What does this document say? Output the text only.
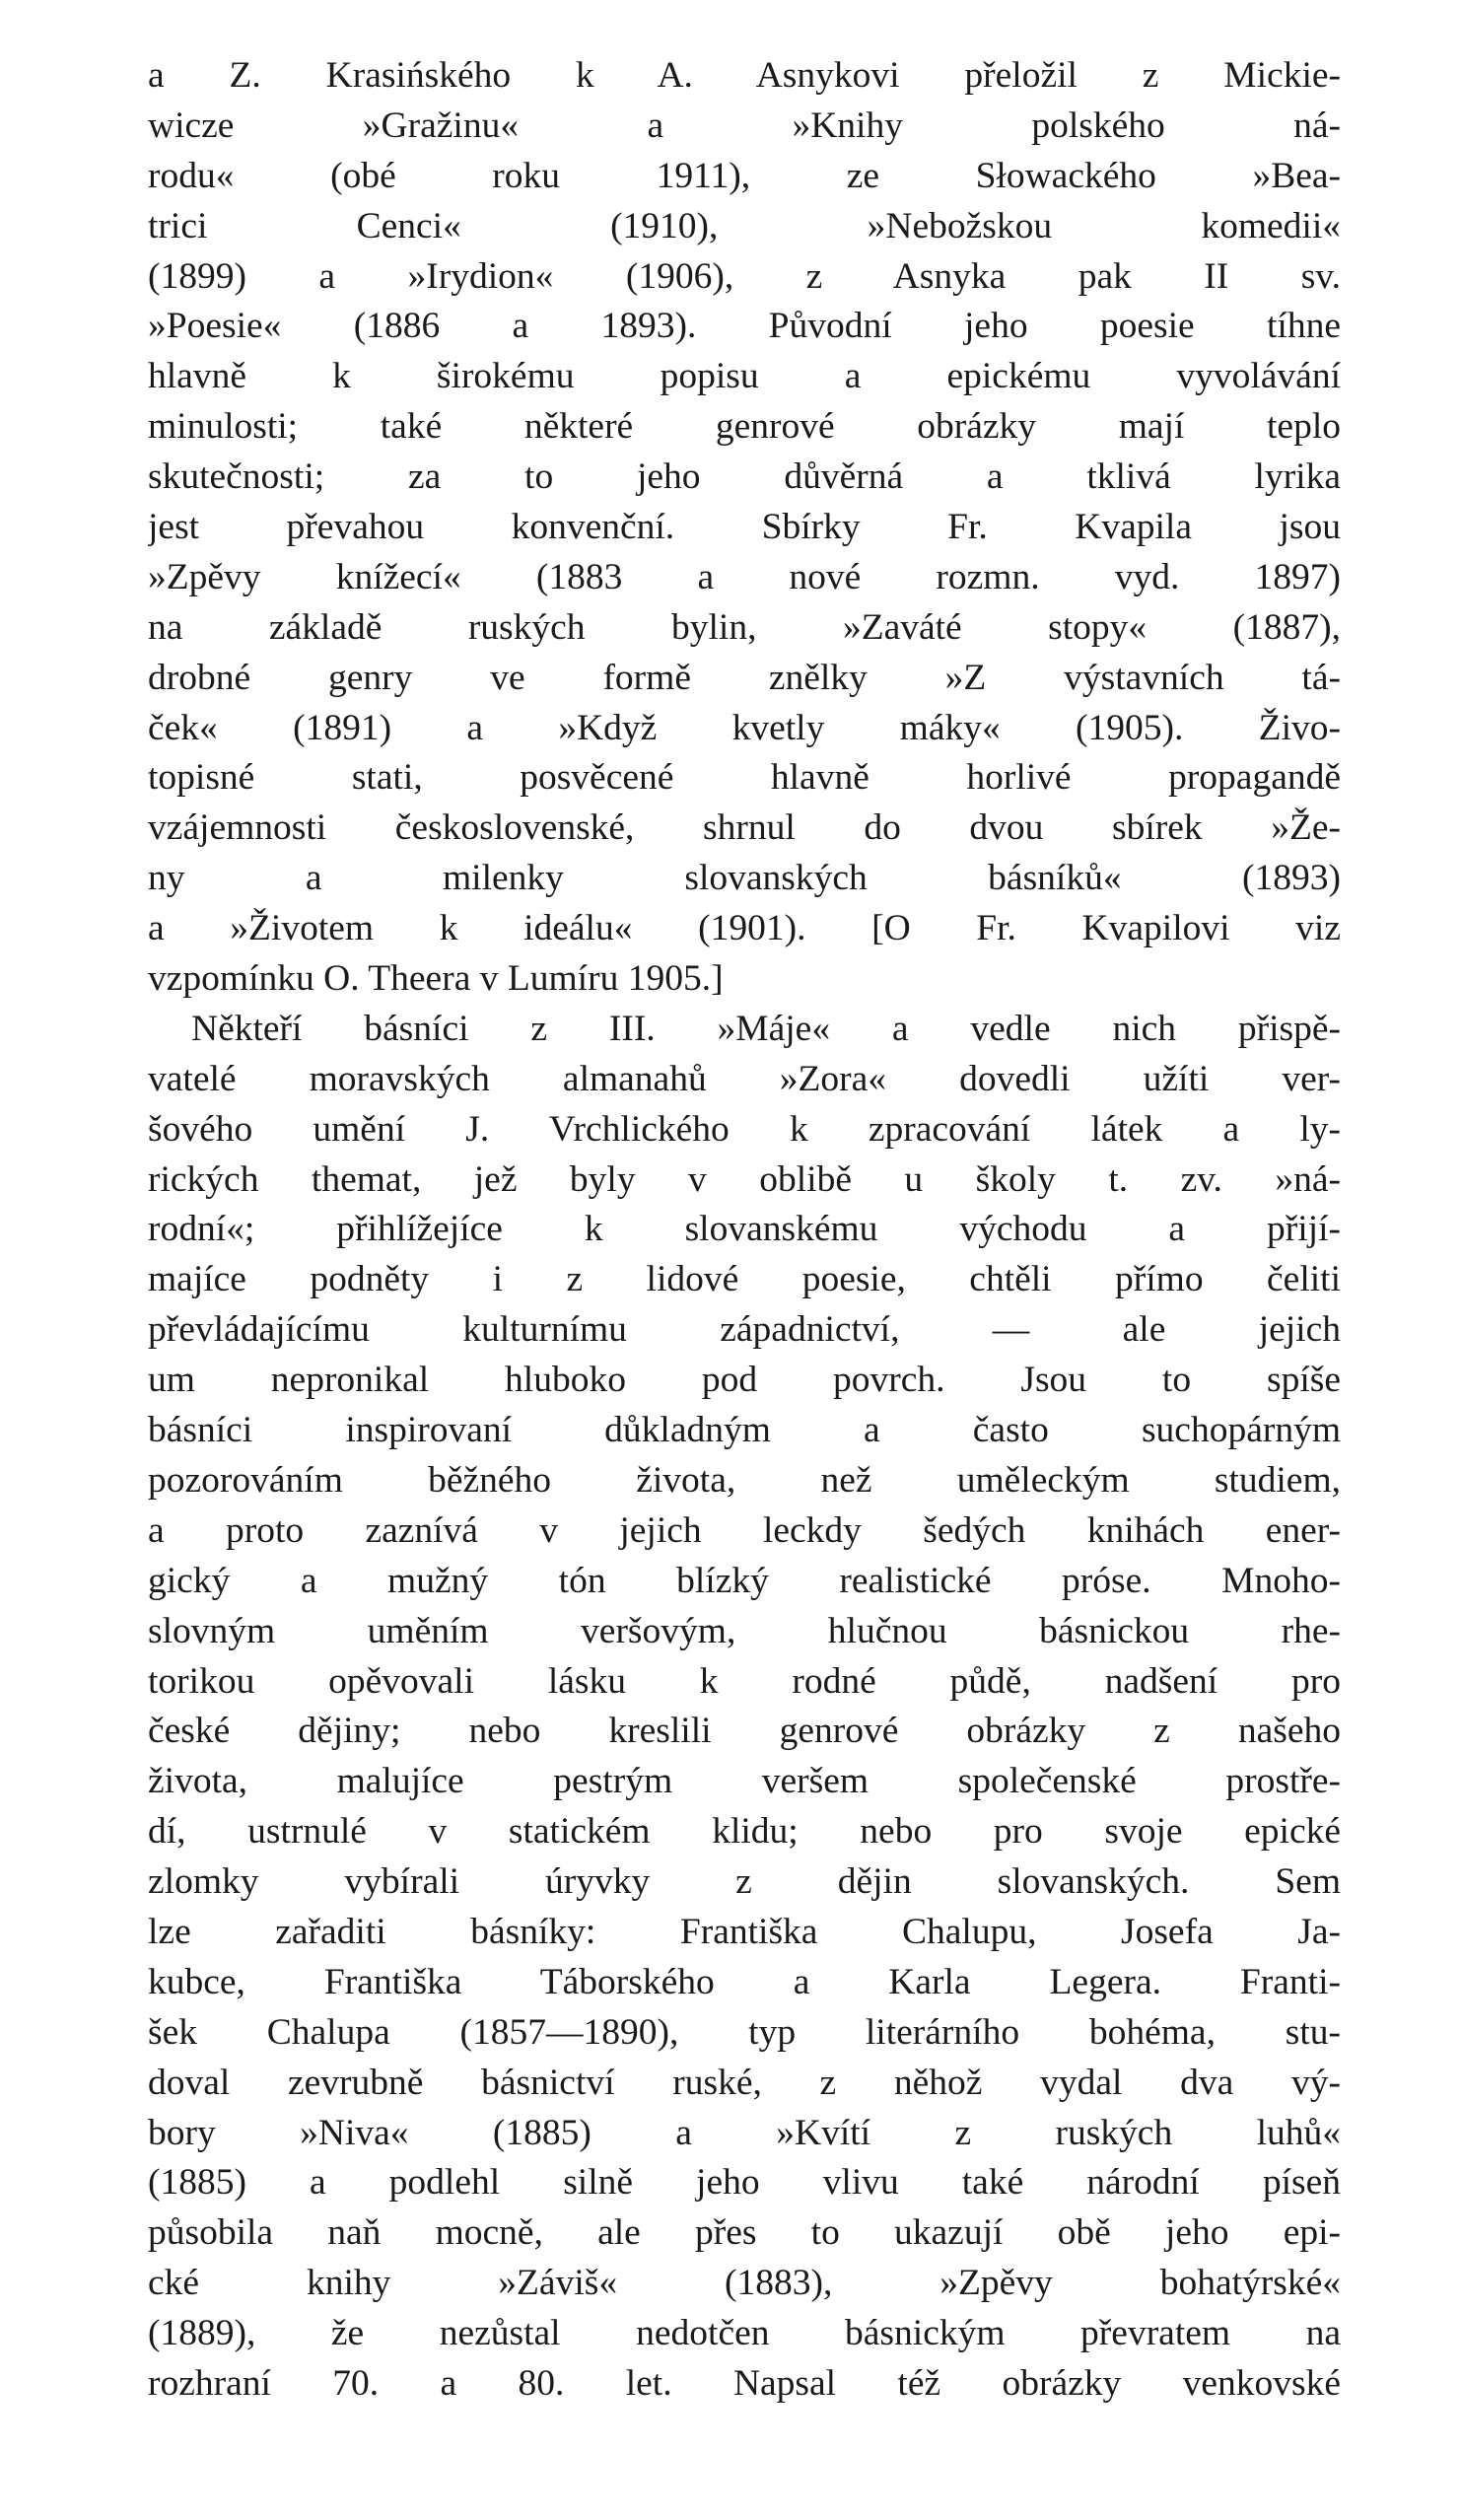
a Z. Krasińského k A. Asnykovi přeložil z Mickie-
wicze »Gražinu« a »Knihy polského ná-
rodu« (obé roku 1911), ze Słowackého »Bea-
trici Cenci« (1910), »Nebožskou komedii«
(1899) a »Irydion« (1906), z Asnyka pak II sv.
»Poesie« (1886 a 1893). Původní jeho poesie tíhne
hlavně k širokému popisu a epickému vyvolávání
minulosti; také některé genrové obrázky mají teplo
skutečnosti; za to jeho důvěrná a tklivá lyrika
jest převahou konvenční. Sbírky Fr. Kvapila jsou
»Zpěvy knížecí« (1883 a nové rozmn. vyd. 1897)
na základě ruských bylin, »Zaváté stopy« (1887),
drobné genry ve formě znělky »Z výstavních tá-
ček« (1891) a »Když kvetly máky« (1905). Živo-
topisné stati, posvěcené hlavně horlivé propagandě
vzájemnosti československé, shrnul do dvou sbírek »Že-
ny a milenky slovanských básníků« (1893)
a »Životem k ideálu« (1901). [O Fr. Kvapilovi viz
vzpomínku O. Theera v Lumíru 1905.]
Někteří básníci z III. »Máje« a vedle nich přispě-
vatelé moravských almanahů »Zora« dovedli užíti ver-
šového umění J. Vrchlického k zpracování látek a ly-
rických themat, jež byly v oblibě u školy t. zv. »ná-
rodní«; přihlížejíce k slovanskému východu a přijí-
majíce podněty i z lidové poesie, chtěli přímo čeliti
převládajícímu kulturnímu západnictví, — ale jejich
um nepronikal hluboko pod povrch. Jsou to spíše
básníci inspirovaní důkladným a často suchopárným
pozorováním běžného života, než uměleckým studiem,
a proto zaznívá v jejich leckdy šedých knihách ener-
gický a mužný tón blízký realistické próse. Mnoho-
slovným uměním veršovým, hlučnou básnickou rhe-
torikou opěvovali lásku k rodné půdě, nadšení pro
české dějiny; nebo kreslili genrové obrázky z našeho
života, malujíce pestrým veršem společenské prostře-
dí, ustrnulé v statickém klidu; nebo pro svoje epické
zlomky vybírali úryvky z dějin slovanských. Sem
lze zařaditi básníky: Františka Chalupu, Josefa Ja-
kubce, Františka Táborského a Karla Legera. Franti-
šek Chalupa (1857—1890), typ literárního bohéma, stu-
doval zevrubně básnictví ruské, z něhož vydal dva vý-
bory »Niva« (1885) a »Kvítí z ruských luhů«
(1885) a podlehl silně jeho vlivu také národní píseň
působila naň mocně, ale přes to ukazují obě jeho epi-
cké knihy »Záviš« (1883), »Zpěvy bohatýrské«
(1889), že nezůstal nedotčen básnickým převratem na
rozhraní 70. a 80. let. Napsal též obrázky venkovské
